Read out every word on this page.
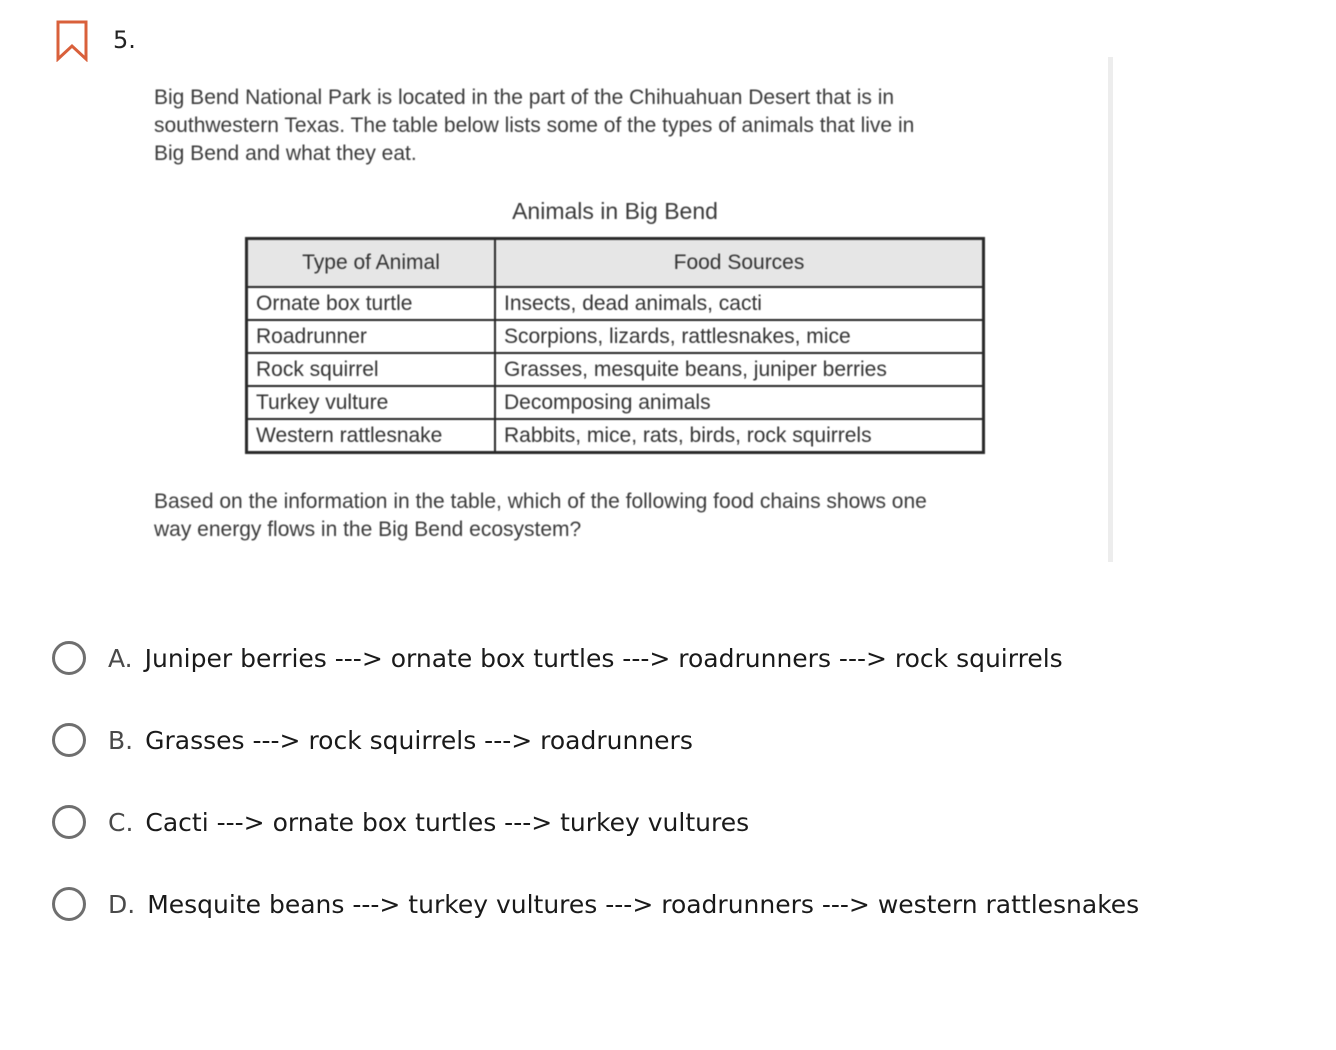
5.
Big Bend National Park is located in the part of the Chihuahuan Desert that is in
southwestern Texas. The table below lists some of the types of animals that live in
Big Bend and what they eat.
Animals in Big Bend
Type of Animal	Food Sources
Ornate box turtle	Insects, dead animals, cacti
Roadrunner	Scorpions, lizards, rattlesnakes, mice
Rock squirrel	Grasses, mesquite beans, juniper berries
Turkey vulture	Decomposing animals
Western rattlesnake	Rabbits, mice, rats, birds, rock squirrels
Based on the information in the table, which of the following food chains shows one
way energy flows in the Big Bend ecosystem?
A. Juniper berries ---> ornate box turtles ---> roadrunners ---> rock squirrels
B. Grasses ---> rock squirrels ---> roadrunners
C. Cacti ---> ornate box turtles ---> turkey vultures
D. Mesquite beans ---> turkey vultures ---> roadrunners ---> western rattlesnakes
